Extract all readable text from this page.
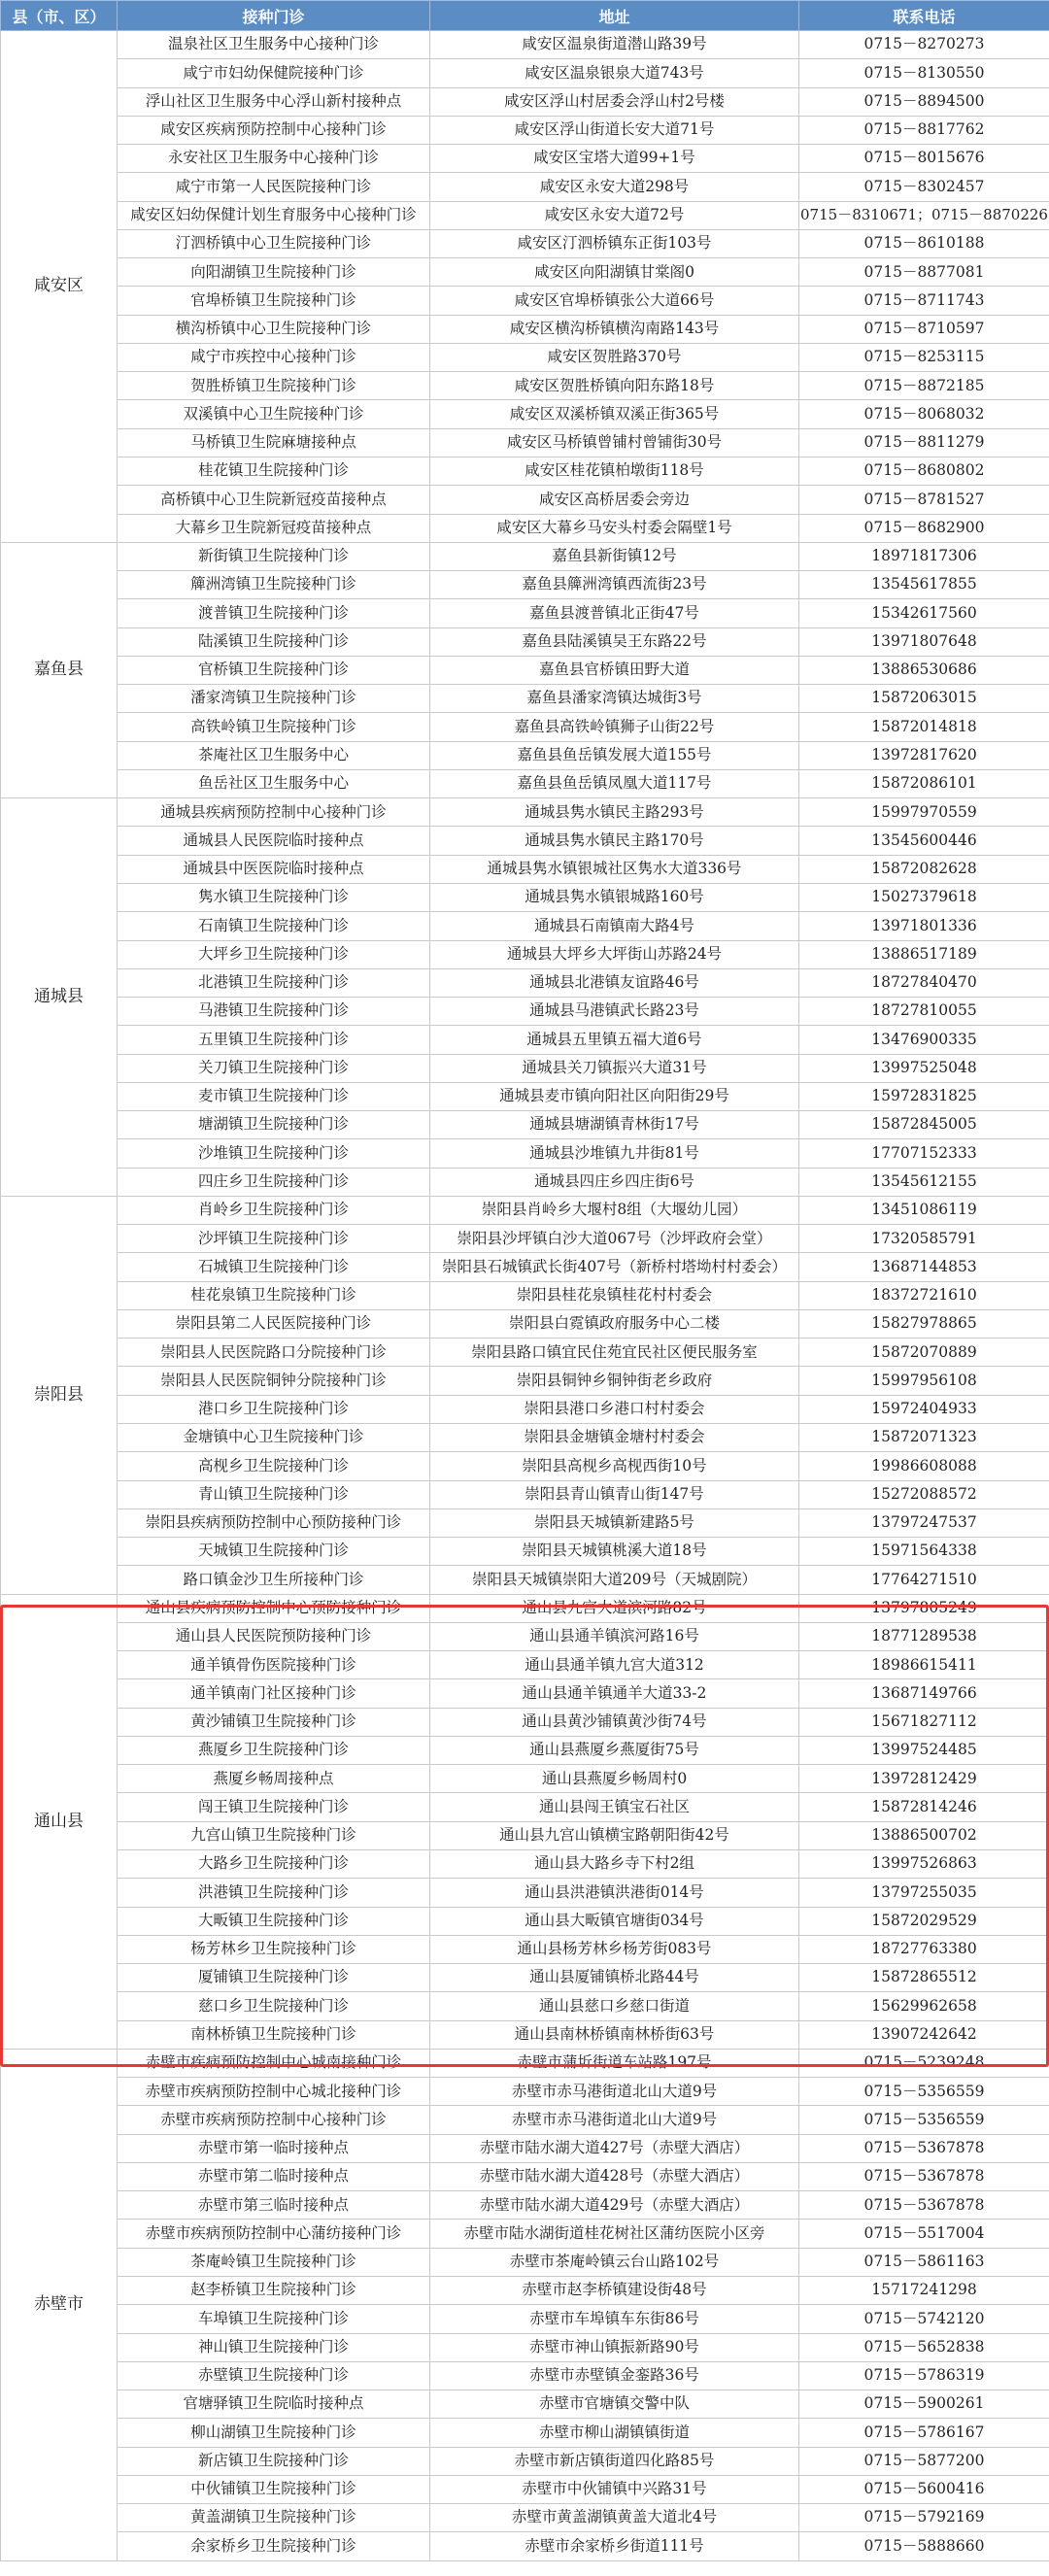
县（市、区）	接种门诊	地址	联系电话
咸安区	温泉社区卫生服务中心接种门诊	咸安区温泉街道潜山路39号	0715－8270273
	咸宁市妇幼保健院接种门诊	咸安区温泉银泉大道743号	0715－8130550
	浮山社区卫生服务中心浮山新村接种点	咸安区浮山村居委会浮山村2号楼	0715－8894500
	咸安区疾病预防控制中心接种门诊	咸安区浮山街道长安大道71号	0715－8817762
	永安社区卫生服务中心接种门诊	咸安区宝塔大道99+1号	0715－8015676
	咸宁市第一人民医院接种门诊	咸安区永安大道298号	0715－8302457
	咸安区妇幼保健计划生育服务中心接种门诊	咸安区永安大道72号	0715－8310671；0715－8870226
	汀泗桥镇中心卫生院接种门诊	咸安区汀泗桥镇东正街103号	0715－8610188
	向阳湖镇卫生院接种门诊	咸安区向阳湖镇甘棠阁0	0715－8877081
	官埠桥镇卫生院接种门诊	咸安区官埠桥镇张公大道66号	0715－8711743
	横沟桥镇中心卫生院接种门诊	咸安区横沟桥镇横沟南路143号	0715－8710597
	咸宁市疾控中心接种门诊	咸安区贺胜路370号	0715－8253115
	贺胜桥镇卫生院接种门诊	咸安区贺胜桥镇向阳东路18号	0715－8872185
	双溪镇中心卫生院接种门诊	咸安区双溪桥镇双溪正街365号	0715－8068032
	马桥镇卫生院麻塘接种点	咸安区马桥镇曾铺村曾铺街30号	0715－8811279
	桂花镇卫生院接种门诊	咸安区桂花镇柏墩街118号	0715－8680802
	高桥镇中心卫生院新冠疫苗接种点	咸安区高桥居委会旁边	0715－8781527
	大幕乡卫生院新冠疫苗接种点	咸安区大幕乡马安头村委会隔壁1号	0715－8682900
嘉鱼县	新街镇卫生院接种门诊	嘉鱼县新街镇12号	18971817306
	簰洲湾镇卫生院接种门诊	嘉鱼县簰洲湾镇西流街23号	13545617855
	渡普镇卫生院接种门诊	嘉鱼县渡普镇北正街47号	15342617560
	陆溪镇卫生院接种门诊	嘉鱼县陆溪镇吴王东路22号	13971807648
	官桥镇卫生院接种门诊	嘉鱼县官桥镇田野大道	13886530686
	潘家湾镇卫生院接种门诊	嘉鱼县潘家湾镇达城街3号	15872063015
	高铁岭镇卫生院接种门诊	嘉鱼县高铁岭镇狮子山街22号	15872014818
	茶庵社区卫生服务中心	嘉鱼县鱼岳镇发展大道155号	13972817620
	鱼岳社区卫生服务中心	嘉鱼县鱼岳镇凤凰大道117号	15872086101
通城县	通城县疾病预防控制中心接种门诊	通城县隽水镇民主路293号	15997970559
	通城县人民医院临时接种点	通城县隽水镇民主路170号	13545600446
	通城县中医医院临时接种点	通城县隽水镇银城社区隽水大道336号	15872082628
	隽水镇卫生院接种门诊	通城县隽水镇银城路160号	15027379618
	石南镇卫生院接种门诊	通城县石南镇南大路4号	13971801336
	大坪乡卫生院接种门诊	通城县大坪乡大坪街山苏路24号	13886517189
	北港镇卫生院接种门诊	通城县北港镇友谊路46号	18727840470
	马港镇卫生院接种门诊	通城县马港镇武长路23号	18727810055
	五里镇卫生院接种门诊	通城县五里镇五福大道6号	13476900335
	关刀镇卫生院接种门诊	通城县关刀镇振兴大道31号	13997525048
	麦市镇卫生院接种门诊	通城县麦市镇向阳社区向阳街29号	15972831825
	塘湖镇卫生院接种门诊	通城县塘湖镇青林街17号	15872845005
	沙堆镇卫生院接种门诊	通城县沙堆镇九井街81号	17707152333
	四庄乡卫生院接种门诊	通城县四庄乡四庄街6号	13545612155
崇阳县	肖岭乡卫生院接种门诊	崇阳县肖岭乡大堰村8组（大堰幼儿园）	13451086119
	沙坪镇卫生院接种门诊	崇阳县沙坪镇白沙大道067号（沙坪政府会堂）	17320585791
	石城镇卫生院接种门诊	崇阳县石城镇武长街407号（新桥村塔坳村村委会）	13687144853
	桂花泉镇卫生院接种门诊	崇阳县桂花泉镇桂花村村委会	18372721610
	崇阳县第二人民医院接种门诊	崇阳县白霓镇政府服务中心二楼	15827978865
	崇阳县人民医院路口分院接种门诊	崇阳县路口镇宜民住苑宜民社区便民服务室	15872070889
	崇阳县人民医院铜钟分院接种门诊	崇阳县铜钟乡铜钟街老乡政府	15997956108
	港口乡卫生院接种门诊	崇阳县港口乡港口村村委会	15972404933
	金塘镇中心卫生院接种门诊	崇阳县金塘镇金塘村村委会	15872071323
	高枧乡卫生院接种门诊	崇阳县高枧乡高枧西街10号	19986608088
	青山镇卫生院接种门诊	崇阳县青山镇青山街147号	15272088572
	崇阳县疾病预防控制中心预防接种门诊	崇阳县天城镇新建路5号	13797247537
	天城镇卫生院接种门诊	崇阳县天城镇桃溪大道18号	15971564338
	路口镇金沙卫生所接种门诊	崇阳县天城镇崇阳大道209号（天城剧院）	17764271510
通山县	通山县疾病预防控制中心预防接种门诊	通山县九宫大道滨河路82号	13797805249
	通山县人民医院预防接种门诊	通山县通羊镇滨河路16号	18771289538
	通羊镇骨伤医院接种门诊	通山县通羊镇九宫大道312	18986615411
	通羊镇南门社区接种门诊	通山县通羊镇通羊大道33-2	13687149766
	黄沙铺镇卫生院接种门诊	通山县黄沙铺镇黄沙街74号	15671827112
	燕厦乡卫生院接种门诊	通山县燕厦乡燕厦街75号	13997524485
	燕厦乡畅周接种点	通山县燕厦乡畅周村0	13972812429
	闯王镇卫生院接种门诊	通山县闯王镇宝石社区	15872814246
	九宫山镇卫生院接种门诊	通山县九宫山镇横宝路朝阳街42号	13886500702
	大路乡卫生院接种门诊	通山县大路乡寺下村2组	13997526863
	洪港镇卫生院接种门诊	通山县洪港镇洪港街014号	13797255035
	大畈镇卫生院接种门诊	通山县大畈镇官塘街034号	15872029529
	杨芳林乡卫生院接种门诊	通山县杨芳林乡杨芳街083号	18727763380
	厦铺镇卫生院接种门诊	通山县厦铺镇桥北路44号	15872865512
	慈口乡卫生院接种门诊	通山县慈口乡慈口街道	15629962658
	南林桥镇卫生院接种门诊	通山县南林桥镇南林桥街63号	13907242642
赤壁市	赤壁市疾病预防控制中心城南接种门诊	赤壁市蒲圻街道车站路197号	0715－5239248
	赤壁市疾病预防控制中心城北接种门诊	赤壁市赤马港街道北山大道9号	0715－5356559
	赤壁市疾病预防控制中心接种门诊	赤壁市赤马港街道北山大道9号	0715－5356559
	赤壁市第一临时接种点	赤壁市陆水湖大道427号（赤壁大酒店）	0715－5367878
	赤壁市第二临时接种点	赤壁市陆水湖大道428号（赤壁大酒店）	0715－5367878
	赤壁市第三临时接种点	赤壁市陆水湖大道429号（赤壁大酒店）	0715－5367878
	赤壁市疾病预防控制中心蒲纺接种门诊	赤壁市陆水湖街道桂花树社区蒲纺医院小区旁	0715－5517004
	茶庵岭镇卫生院接种门诊	赤壁市茶庵岭镇云台山路102号	0715－5861163
	赵李桥镇卫生院接种门诊	赤壁市赵李桥镇建设街48号	15717241298
	车埠镇卫生院接种门诊	赤壁市车埠镇车东街86号	0715－5742120
	神山镇卫生院接种门诊	赤壁市神山镇振新路90号	0715－5652838
	赤壁镇卫生院接种门诊	赤壁市赤壁镇金銮路36号	0715－5786319
	官塘驿镇卫生院临时接种点	赤壁市官塘镇交警中队	0715－5900261
	柳山湖镇卫生院接种门诊	赤壁市柳山湖镇镇街道	0715－5786167
	新店镇卫生院接种门诊	赤壁市新店镇街道四化路85号	0715－5877200
	中伙铺镇卫生院接种门诊	赤壁市中伙铺镇中兴路31号	0715－5600416
	黄盖湖镇卫生院接种门诊	赤壁市黄盖湖镇黄盖大道北4号	0715－5792169
	余家桥乡卫生院接种门诊	赤壁市余家桥乡街道111号	0715－5888660
